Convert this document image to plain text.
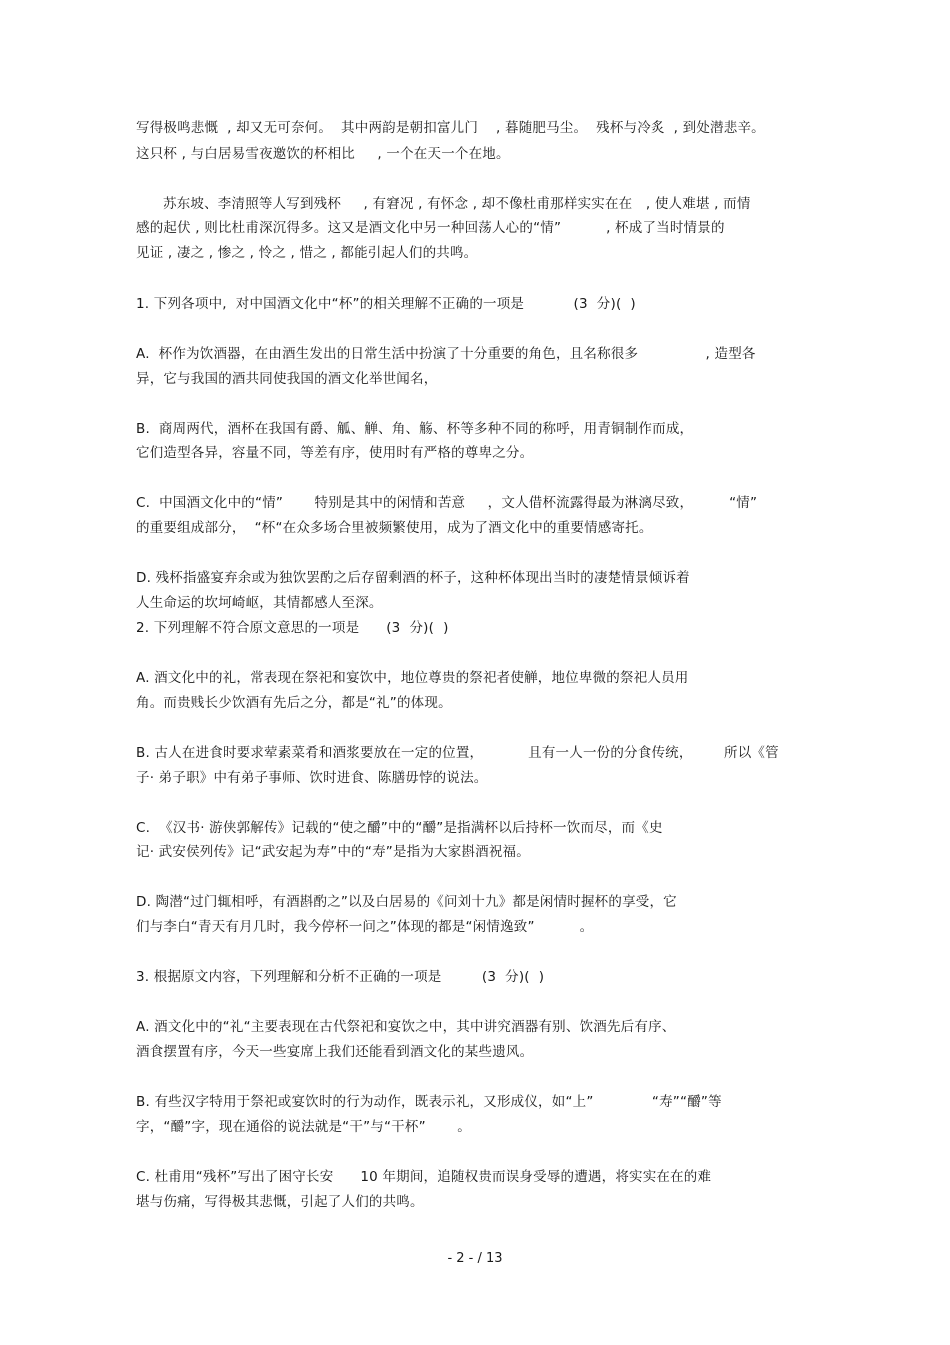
写得极鸣悲慨  , 却又无可奈何。  其中两韵是朝扣富儿门    , 暮随肥马尘。  残杯与冷炙  , 到处潜悲辛。
这只杯 , 与白居易雪夜邀饮的杯相比     , 一个在天一个在地。
苏东坡、李清照等人写到残杯     , 有窘况 , 有怀念 , 却不像杜甫那样实实在在   , 使人难堪 , 而情
感的起伏 , 则比杜甫深沉得多。这又是酒文化中另一种回荡人心的“情”          , 杯成了当时情景的
见证 , 凄之 , 惨之 , 怜之 , 惜之 , 都能引起人们的共鸣。
1. 下列各项中,  对中国酒文化中“杯”的相关理解不正确的一项是           (3  分)(  )
A.  杯作为饮酒器，在由酒生发出的日常生活中扮演了十分重要的角色，且名称很多               , 造型各
异，它与我国的酒共同使我国的酒文化举世闻名，
B.  商周两代，酒杯在我国有爵、觚、觯、角、觞、杯等多种不同的称呼，用青铜制作而成，
它们造型各异，容量不同，等差有序，使用时有严格的尊卑之分。
C.  中国酒文化中的“情”       特别是其中的闲情和苦意     ，文人借杯流露得最为淋漓尽致，        “情”
的重要组成部分，  “杯“在众多场合里被频繁使用，成为了酒文化中的重要情感寄托。
D. 残杯指盛宴弃余或为独饮罢酌之后存留剩酒的杯子，这种杯体现出当时的凄楚情景倾诉着
人生命运的坎坷崎岖，其情都感人至深。
2. 下列理解不符合原文意思的一项是      (3  分)(  )
A. 酒文化中的礼，常表现在祭祀和宴饮中，地位尊贵的祭祀者使觯，地位卑微的祭祀人员用
角。而贵贱长少饮酒有先后之分，都是“礼”的体现。
B. 古人在进食时要求荤素菜肴和酒浆要放在一定的位置，          且有一人一份的分食传统，       所以《管
子· 弟子职》中有弟子事师、饮时进食、陈膳毋悖的说法。
C.  《汉书· 游侠郭解传》记载的“使之釂”中的“釂”是指满杯以后持杯一饮而尽，而《史
记· 武安侯列传》记“武安起为寿”中的“寿”是指为大家斟酒祝福。
D. 陶潜“过门辄相呼，有酒斟酌之”以及白居易的《问刘十九》都是闲情时握杯的享受，它
们与李白“青天有月几时，我今停杯一问之”体现的都是“闲情逸致”          。
3. 根据原文内容，下列理解和分析不正确的一项是         (3  分)(  )
A. 酒文化中的“礼“主要表现在古代祭祀和宴饮之中，其中讲究酒器有别、饮酒先后有序、
酒食摆置有序，今天一些宴席上我们还能看到酒文化的某些遗风。
B. 有些汉字特用于祭祀或宴饮时的行为动作，既表示礼，又形成仪，如“上”             “寿”“釂”等
字，“釂”字，现在通俗的说法就是“干”与“干杯”       。
C. 杜甫用“残杯”写出了困守长安      10 年期间，追随权贵而误身受辱的遭遇，将实实在在的难
堪与伤痛，写得极其悲慨，引起了人们的共鸣。
- 2 - / 13
